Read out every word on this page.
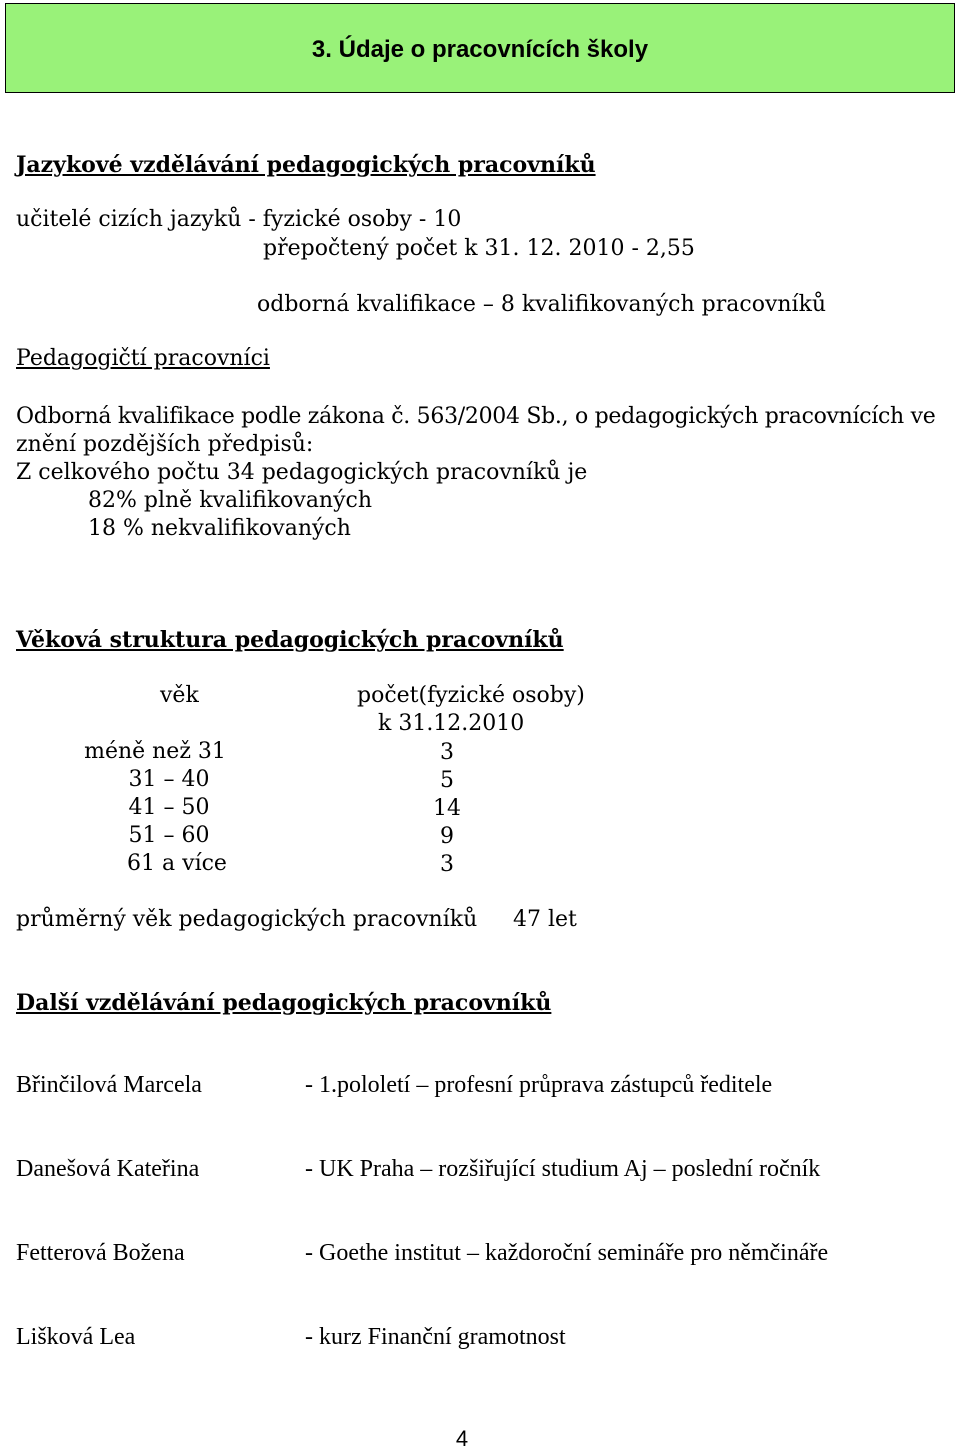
3. Údaje o pracovnících školy
Jazykové vzdělávání pedagogických pracovníků
učitelé cizích jazyků - fyzické osoby - 10
přepočtený počet k 31. 12. 2010 - 2,55
odborná kvalifikace – 8 kvalifikovaných pracovníků
Pedagogičtí pracovníci
Odborná kvalifikace podle zákona č. 563/2004 Sb., o pedagogických pracovnících ve
znění pozdějších předpisů:
Z celkového počtu 34 pedagogických pracovníků je
82% plně kvalifikovaných
18 % nekvalifikovaných
Věková struktura pedagogických pracovníků
věk	počet(fyzické osoby)
k 31.12.2010
méně než 31	3
31 – 40	5
41 – 50	14
51 – 60	9
61 a více	3
průměrný věk pedagogických pracovníků 47 let
Další vzdělávání pedagogických pracovníků
Břinčilová Marcela	- 1.pololetí – profesní průprava zástupců ředitele
Danešová Kateřina	- UK Praha – rozšiřující studium Aj – poslední ročník
Fetterová Božena	- Goethe institut – každoroční semináře pro němčináře
Lišková Lea	- kurz Finanční gramotnost
4
